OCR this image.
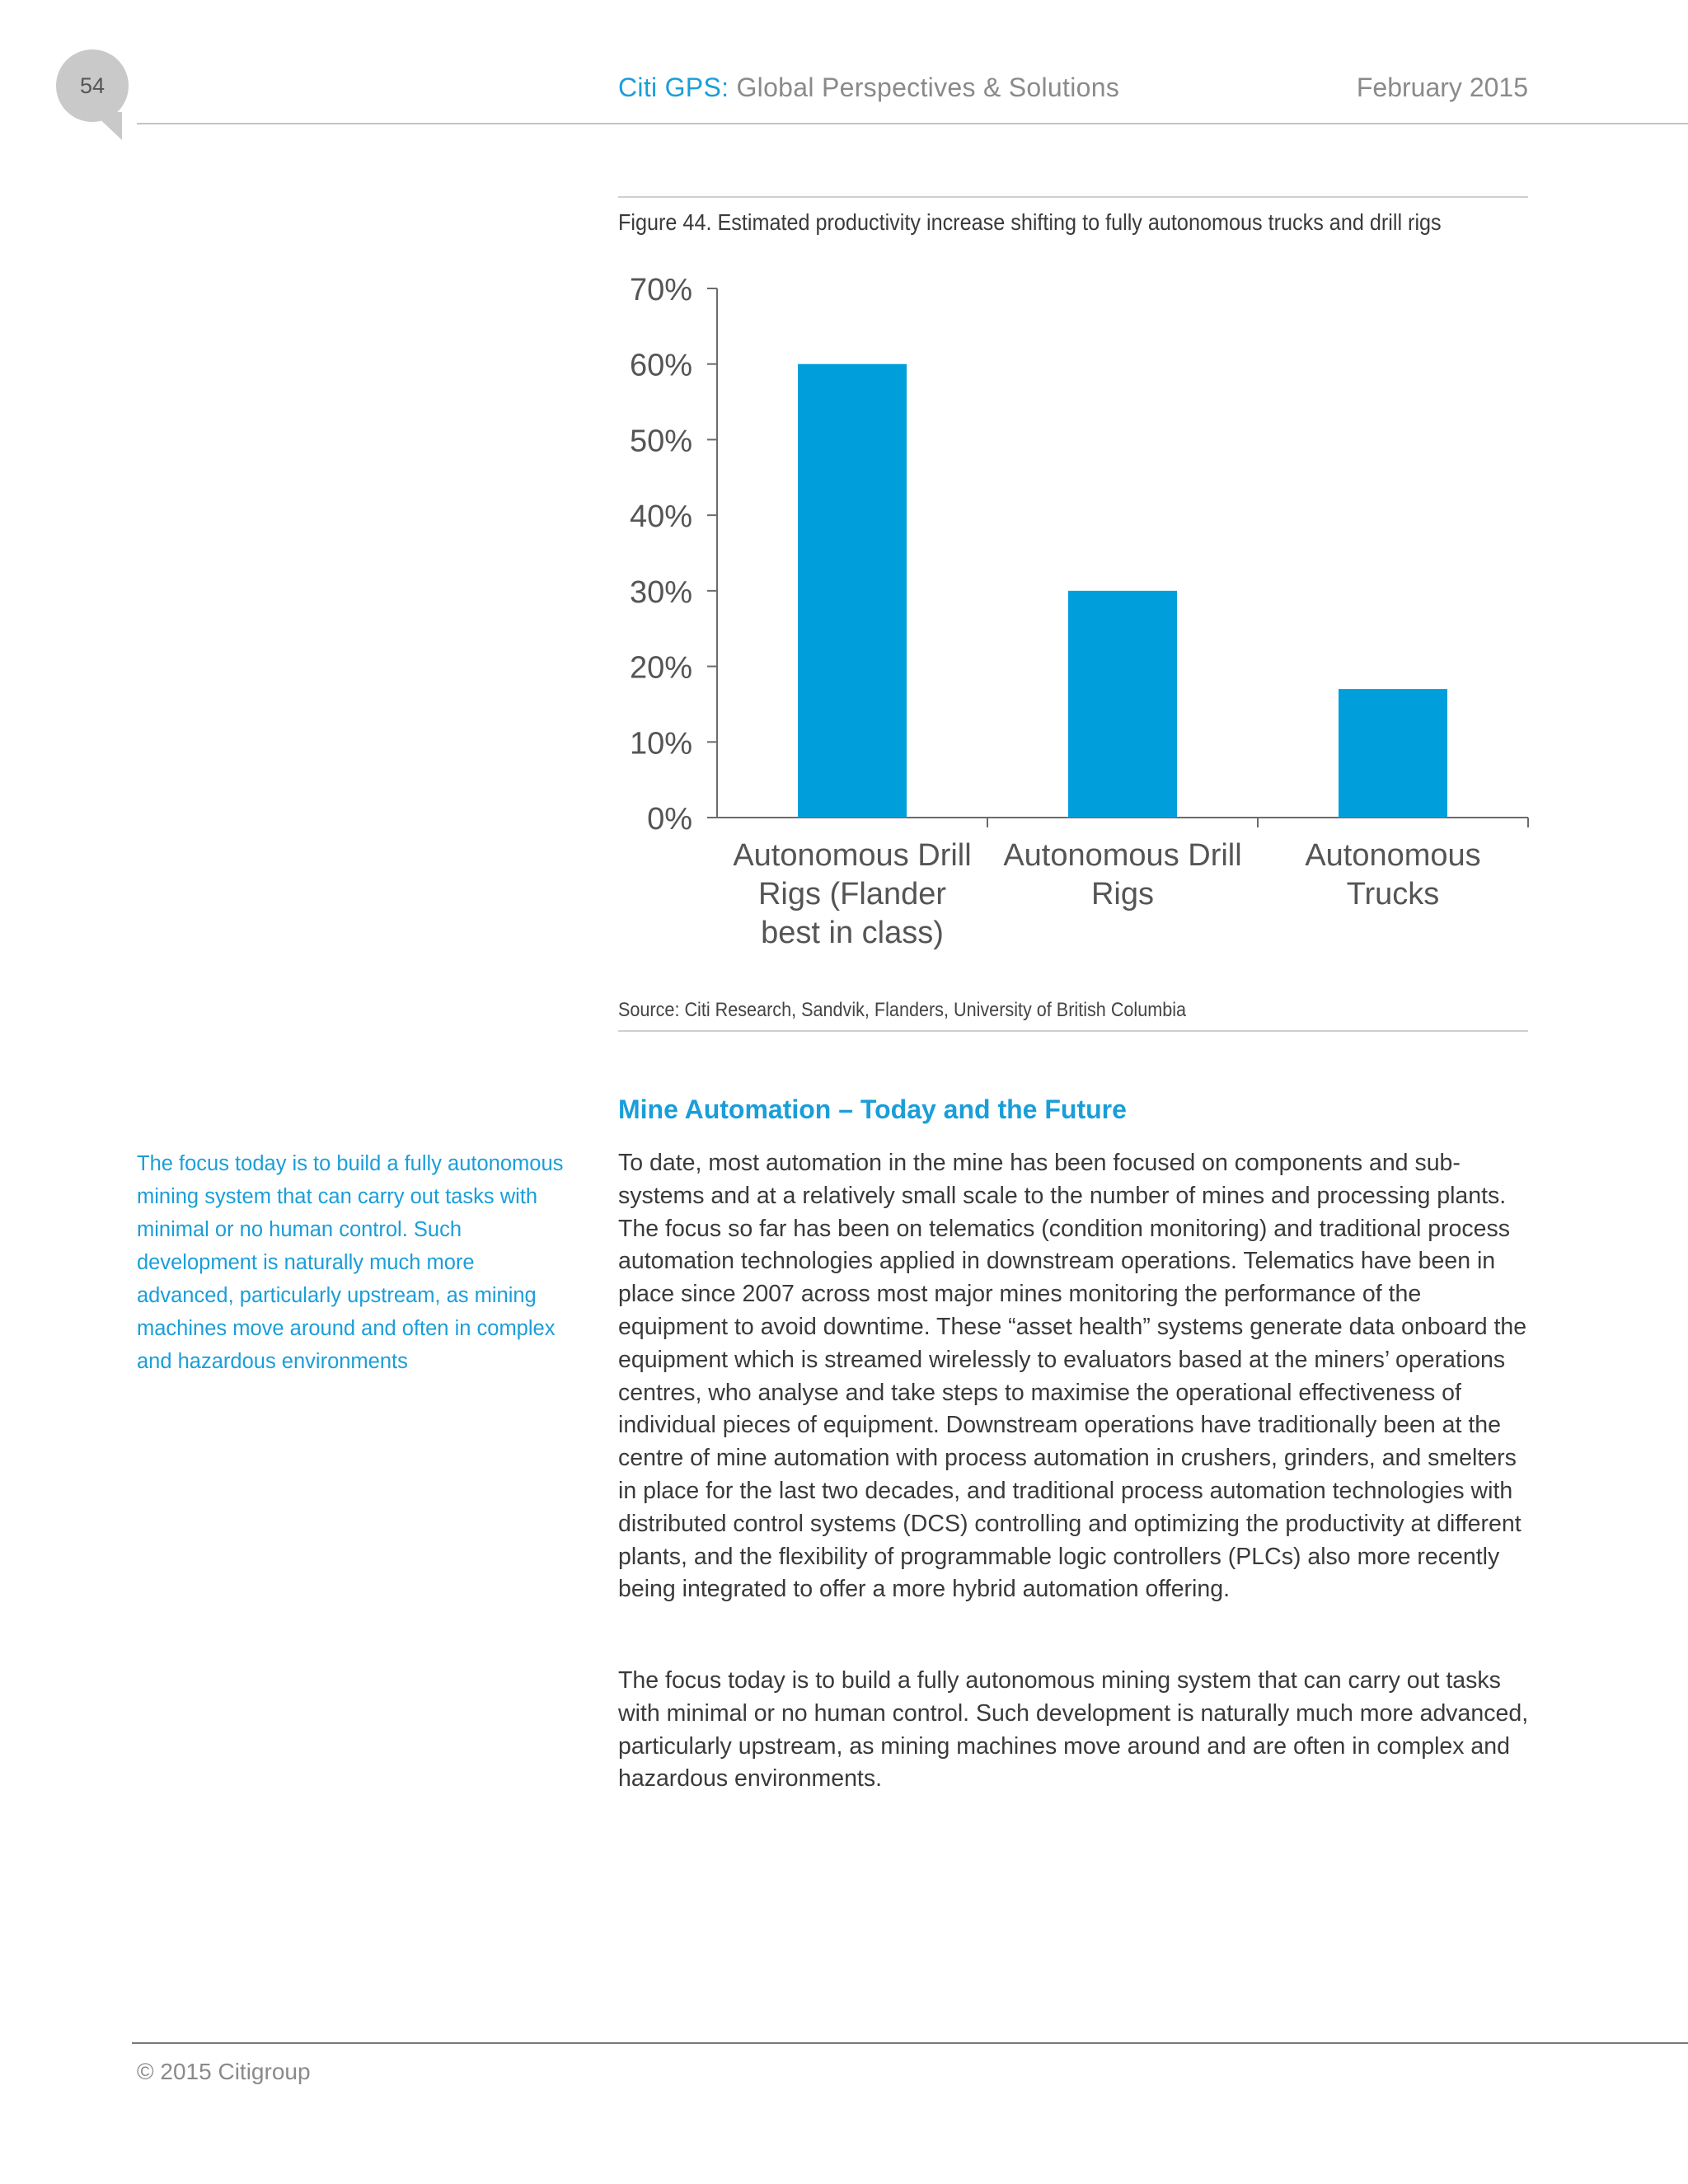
54	Citi GPS: Global Perspectives & Solutions	February 2015
Figure 44. Estimated productivity increase shifting to fully autonomous trucks and drill rigs
0%
10%
20%
30%
40%
50%
60%
70%
Autonomous Drill Rigs (Flander best in class)
Autonomous Drill Rigs
Autonomous Trucks
Source: Citi Research, Sandvik, Flanders, University of British Columbia
Mine Automation – Today and the Future

The focus today is to build a fully autonomous mining system that can carry out tasks with minimal or no human control. Such development is naturally much more advanced, particularly upstream, as mining machines move around and often in complex and hazardous environments

To date, most automation in the mine has been focused on components and sub-systems and at a relatively small scale to the number of mines and processing plants. The focus so far has been on telematics (condition monitoring) and traditional process automation technologies applied in downstream operations. Telematics have been in place since 2007 across most major mines monitoring the performance of the equipment to avoid downtime. These “asset health” systems generate data onboard the equipment which is streamed wirelessly to evaluators based at the miners’ operations centres, who analyse and take steps to maximise the operational effectiveness of individual pieces of equipment. Downstream operations have traditionally been at the centre of mine automation with process automation in crushers, grinders, and smelters in place for the last two decades, and traditional process automation technologies with distributed control systems (DCS) controlling and optimizing the productivity at different plants, and the flexibility of programmable logic controllers (PLCs) also more recently being integrated to offer a more hybrid automation offering.

The focus today is to build a fully autonomous mining system that can carry out tasks with minimal or no human control. Such development is naturally much more advanced, particularly upstream, as mining machines move around and are often in complex and hazardous environments.

© 2015 Citigroup
